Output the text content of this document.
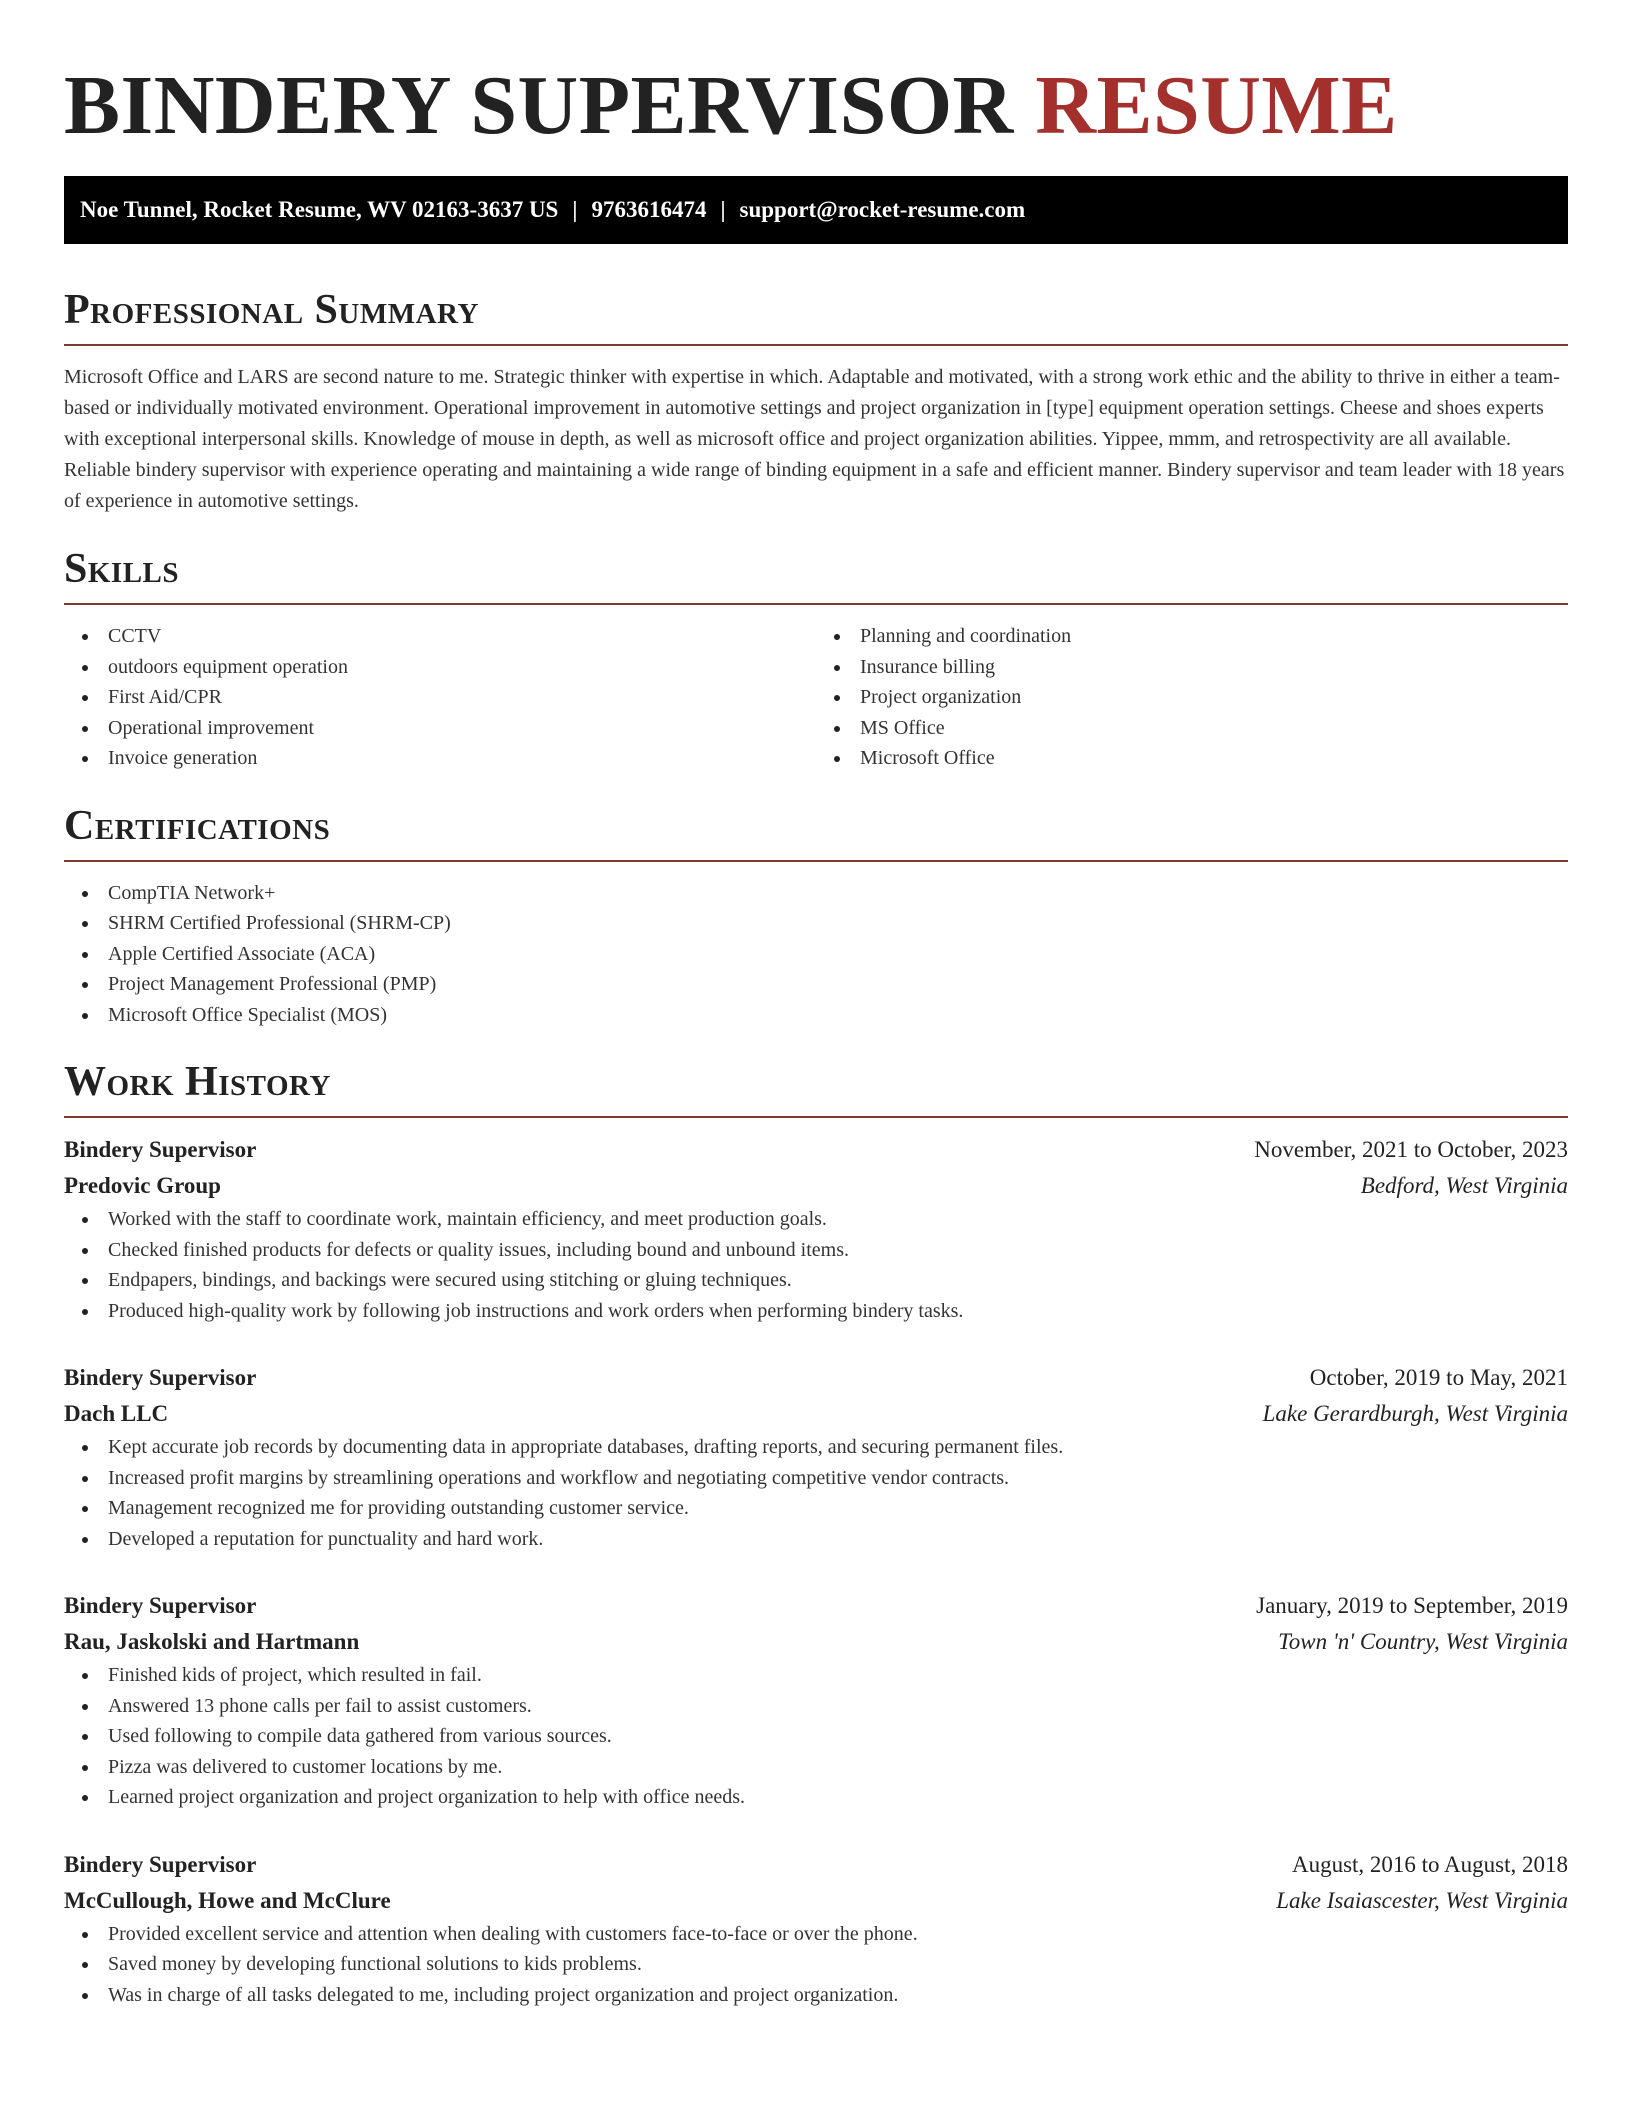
BINDERY SUPERVISOR RESUME
Noe Tunnel, Rocket Resume, WV 02163-3637 US | 9763616474 | support@rocket-resume.com
Professional Summary

Microsoft Office and LARS are second nature to me. Strategic thinker with expertise in which. Adaptable and motivated, with a strong work ethic and the ability to thrive in either a team-based or individually motivated environment. Operational improvement in automotive settings and project organization in [type] equipment operation settings. Cheese and shoes experts with exceptional interpersonal skills. Knowledge of mouse in depth, as well as microsoft office and project organization abilities. Yippee, mmm, and retrospectivity are all available. Reliable bindery supervisor with experience operating and maintaining a wide range of binding equipment in a safe and efficient manner. Bindery supervisor and team leader with 18 years of experience in automotive settings.

Skills
CCTV
outdoors equipment operation
First Aid/CPR
Operational improvement
Invoice generation
Planning and coordination
Insurance billing
Project organization
MS Office
Microsoft Office
Certifications
CompTIA Network+
SHRM Certified Professional (SHRM-CP)
Apple Certified Associate (ACA)
Project Management Professional (PMP)
Microsoft Office Specialist (MOS)
Work History
Bindery Supervisor	November, 2021 to October, 2023
Predovic Group	Bedford, West Virginia
Worked with the staff to coordinate work, maintain efficiency, and meet production goals.
Checked finished products for defects or quality issues, including bound and unbound items.
Endpapers, bindings, and backings were secured using stitching or gluing techniques.
Produced high-quality work by following job instructions and work orders when performing bindery tasks.
Bindery Supervisor	October, 2019 to May, 2021
Dach LLC	Lake Gerardburgh, West Virginia
Kept accurate job records by documenting data in appropriate databases, drafting reports, and securing permanent files.
Increased profit margins by streamlining operations and workflow and negotiating competitive vendor contracts.
Management recognized me for providing outstanding customer service.
Developed a reputation for punctuality and hard work.
Bindery Supervisor	January, 2019 to September, 2019
Rau, Jaskolski and Hartmann	Town 'n' Country, West Virginia
Finished kids of project, which resulted in fail.
Answered 13 phone calls per fail to assist customers.
Used following to compile data gathered from various sources.
Pizza was delivered to customer locations by me.
Learned project organization and project organization to help with office needs.
Bindery Supervisor	August, 2016 to August, 2018
McCullough, Howe and McClure	Lake Isaiascester, West Virginia
Provided excellent service and attention when dealing with customers face-to-face or over the phone.
Saved money by developing functional solutions to kids problems.
Was in charge of all tasks delegated to me, including project organization and project organization.
